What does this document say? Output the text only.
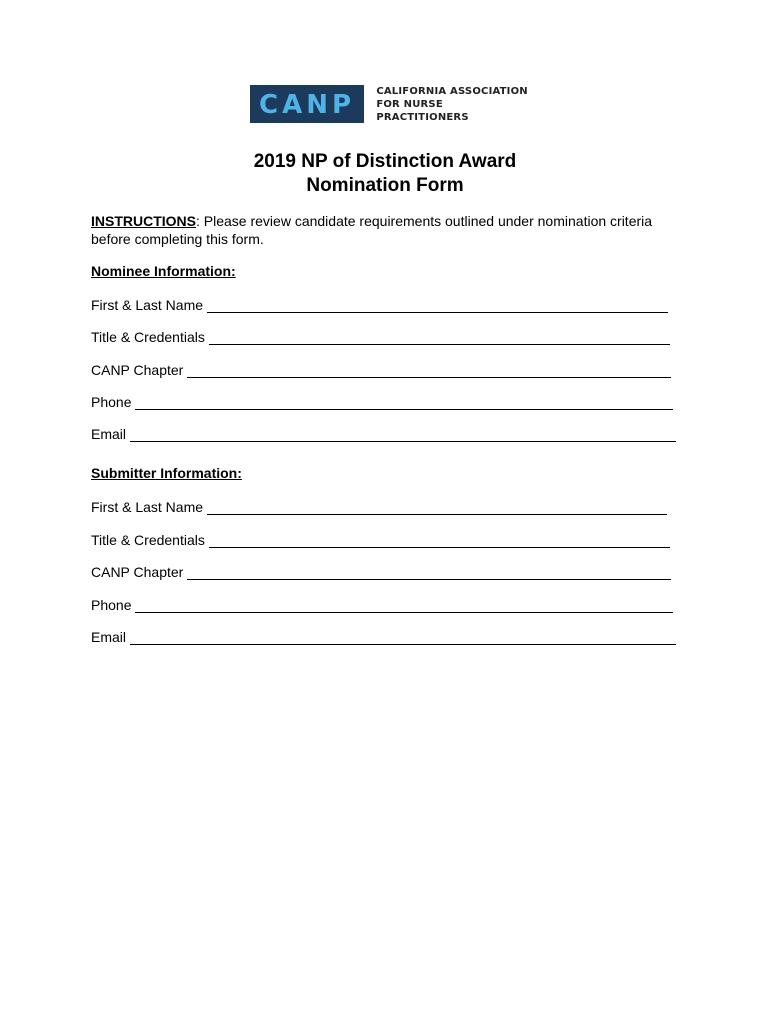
CANP CALIFORNIA ASSOCIATION
FOR NURSE PRACTITIONERS
2019 NP of Distinction Award
Nomination Form
INSTRUCTIONS: Please review candidate requirements outlined under nomination criteria before completing this form.
Nominee Information:
First & Last Name
Title & Credentials
CANP Chapter
Phone
Email
Submitter Information:
First & Last Name
Title & Credentials
CANP Chapter
Phone
Email
